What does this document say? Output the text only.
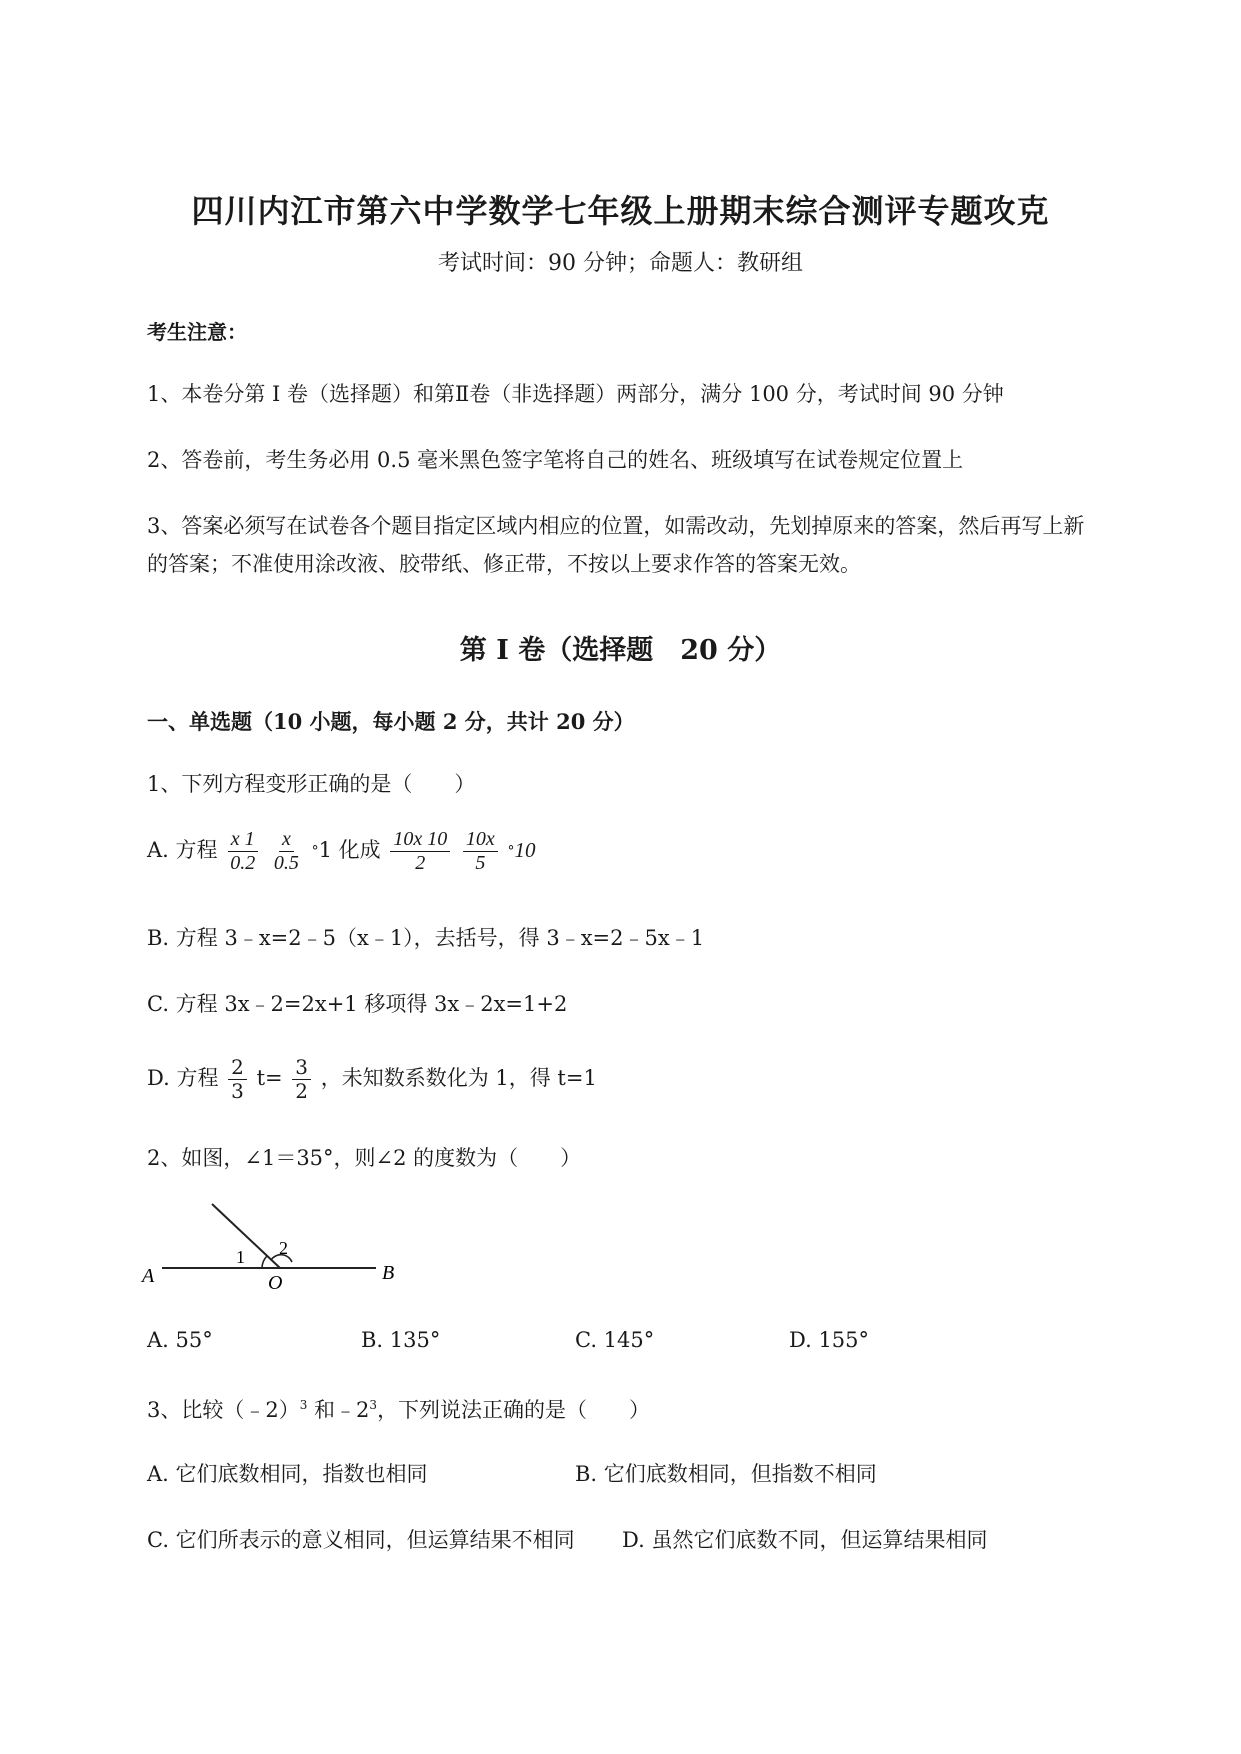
四川内江市第六中学数学七年级上册期末综合测评专题攻克
考试时间：90 分钟；命题人：教研组
考生注意：
1、本卷分第 I 卷（选择题）和第Ⅱ卷（非选择题）两部分，满分 100 分，考试时间 90 分钟
2、答卷前，考生务必用 0.5 毫米黑色签字笔将自己的姓名、班级填写在试卷规定位置上
3、答案必须写在试卷各个题目指定区域内相应的位置，如需改动，先划掉原来的答案，然后再写上新
的答案；不准使用涂改液、胶带纸、修正带，不按以上要求作答的答案无效。
第 I 卷（选择题　20 分）
一、单选题（10 小题，每小题 2 分，共计 20 分）
1、下列方程变形正确的是（　　）
A. 方程 $\frac{x 1}{0.2}$
$\frac{x}{0.5} ^\circ 1$ 化成 $\frac{10x 10}{2}$
$\frac{10x}{5} ^\circ 10$
B. 方程 3﹣x=2﹣5（x﹣1），去括号，得 3﹣x=2﹣5x﹣1
C. 方程 3x﹣2=2x+1 移项得 3x﹣2x=1+2
D. 方程 $\frac{2}{3} t= \frac{3}{2}$ ，未知数系数化为 1，得 t=1
2、如图，∠1＝35°，则∠2 的度数为（　　）
A	O	B
1 2
A. 55°	B. 135°	C. 145°	D. 155°
3、比较（﹣2）$^3$ 和$﹣2^3$，下列说法正确的是（　　）
A. 它们底数相同，指数也相同	B. 它们底数相同，但指数不相同
C. 它们所表示的意义相同，但运算结果不相同 D. 虽然它们底数不同，但运算结果相同
